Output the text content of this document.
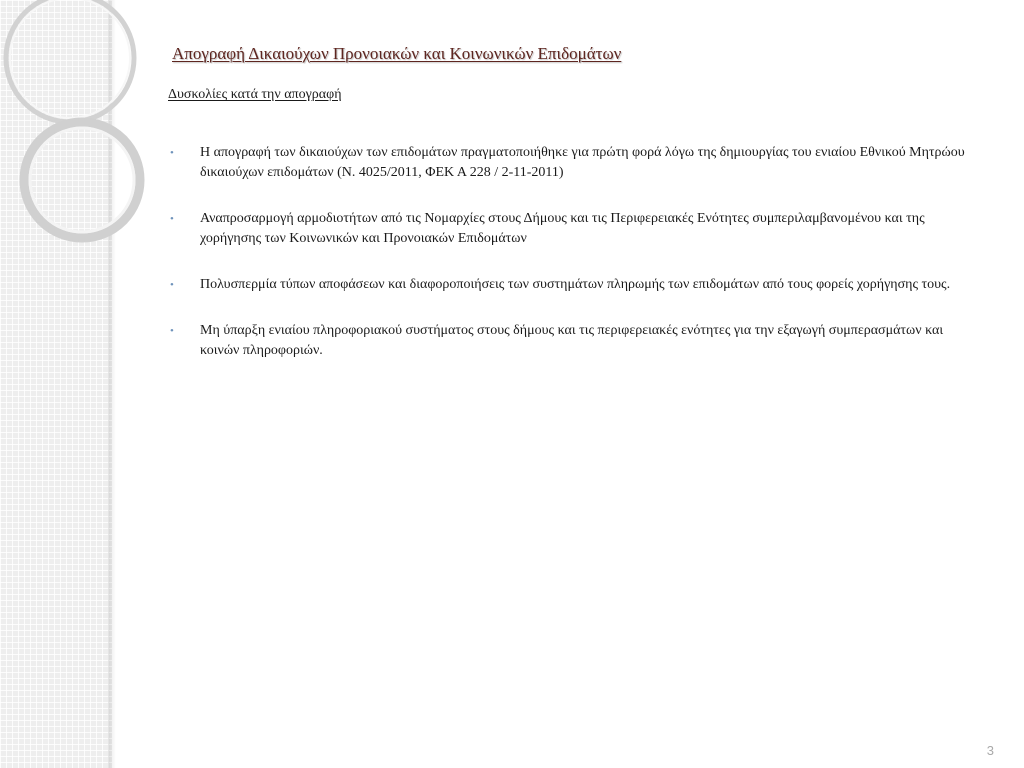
Απογραφή Δικαιούχων Προνοιακών και Κοινωνικών Επιδομάτων

Δυσκολίες κατά την απογραφή

• Η απογραφή των δικαιούχων των επιδομάτων πραγματοποιήθηκε για πρώτη φορά λόγω της δημιουργίας του ενιαίου Εθνικού Μητρώου δικαιούχων επιδομάτων (Ν. 4025/2011, ΦΕΚ Α 228 / 2-11-2011)
• Αναπροσαρμογή αρμοδιοτήτων από τις Νομαρχίες στους Δήμους και τις Περιφερειακές Ενότητες συμπεριλαμβανομένου και της χορήγησης των Κοινωνικών και Προνοιακών Επιδομάτων
• Πολυσπερμία τύπων αποφάσεων και διαφοροποιήσεις των συστημάτων πληρωμής των επιδομάτων από τους φορείς χορήγησης τους.
• Μη ύπαρξη ενιαίου πληροφοριακού συστήματος στους δήμους και τις περιφερειακές ενότητες για την εξαγωγή συμπερασμάτων και κοινών πληροφοριών.
3
